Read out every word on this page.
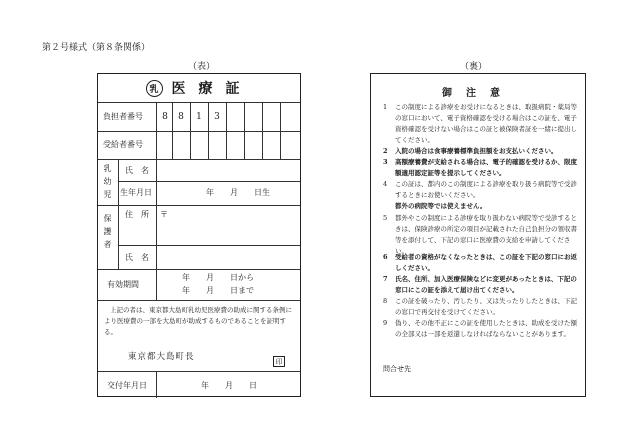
第２号様式（第８条関係）
（表）	（裏）
乳 医療証
負担者番号	8	8	1	3
受給者番号
乳幼児 氏　名
生年月日	年　　月　　日生
保護者 住　所 〒
氏　名
有効期間
年　　月　　日から
年　　月　　日まで
上記の者は、東京都大島町乳幼児医療費の助成に関する条例により医療費の一部を大島町が助成するものであることを証明する。
東京都大島町長	印
交付年月日	年　　月　　日
御注意
1	この制度による診療をお受けになるときは、取扱病院・薬局等の窓口において、電子資格確認を受ける場合はこの証を、電子資格確認を受けない場合はこの証と被保険者証を一緒に提出してください。
2	入院の場合は食事療養標準負担額をお支払いください。
3	高額療養費が支給される場合は、電子的確認を受けるか、限度額適用認定証等を提示してください。
4	この証は、都内のこの制度による診療を取り扱う病院等で受診するときにお使いください。
都外の病院等では使えません。
5	都外やこの制度による診療を取り扱わない病院等で受診するときは、保険診療の所定の項目が記載された自己負担分の領収書等を添付して、下記の窓口に医療費の支給を申請してください。
6	受給者の資格がなくなったときは、この証を下記の窓口にお返しください。
7	氏名、住所、加入医療保険などに変更があったときは、下記の窓口にこの証を添えて届け出てください。
8	この証を破ったり、汚したり、又は失ったりしたときは、下記の窓口で再交付を受けてください。
9	偽り、その他不正にこの証を使用したときは、助成を受けた額の全部又は一部を返還しなければならないことがあります。
問合せ先
